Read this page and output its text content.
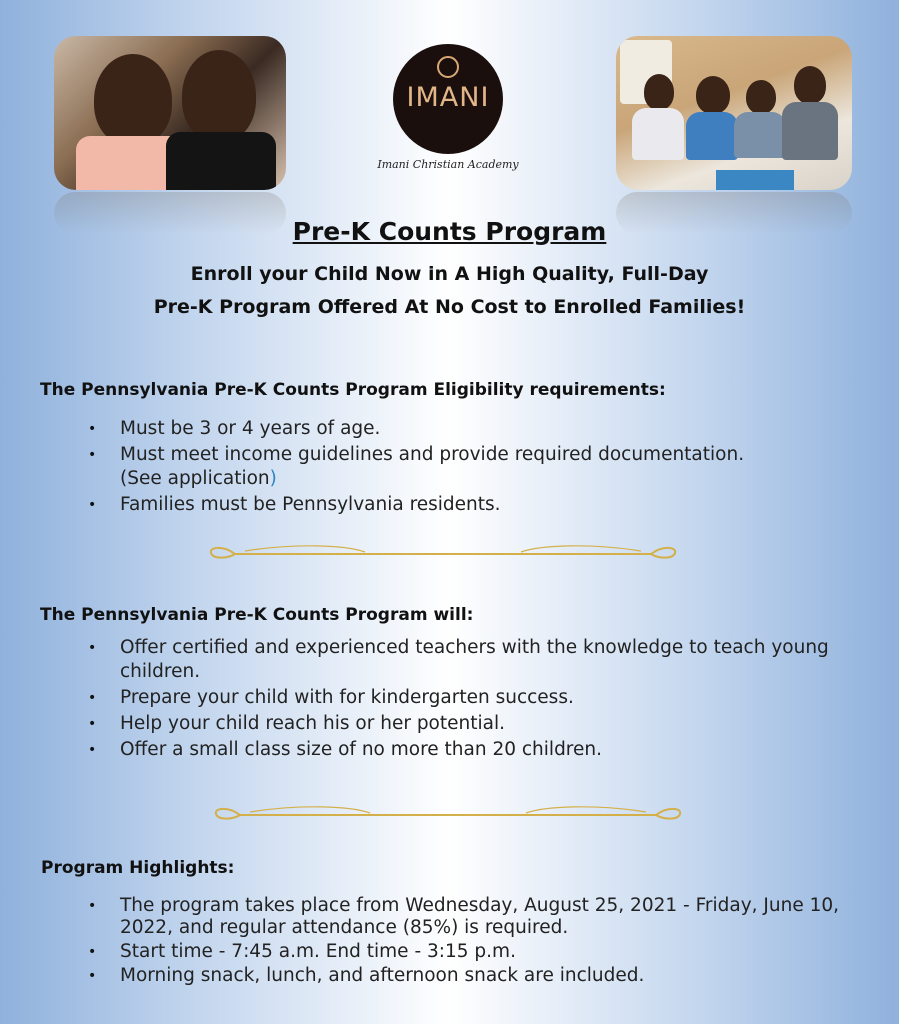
IMANI
Imani Christian Academy
Pre-K Counts Program
Enroll your Child Now in A High Quality, Full-Day
Pre-K Program Offered At No Cost to Enrolled Families!
The Pennsylvania Pre-K Counts Program Eligibility requirements:
• Must be 3 or 4 years of age.
• Must meet income guidelines and provide required documentation.
(See application)
• Families must be Pennsylvania residents.
The Pennsylvania Pre-K Counts Program will:
• Offer certified and experienced teachers with the knowledge to teach young children.
• Prepare your child with for kindergarten success.
• Help your child reach his or her potential.
• Offer a small class size of no more than 20 children.
Program Highlights:
• The program takes place from Wednesday, August 25, 2021 - Friday, June 10, 2022, and regular attendance (85%) is required.
• Start time - 7:45 a.m. End time - 3:15 p.m.
• Morning snack, lunch, and afternoon snack are included.
